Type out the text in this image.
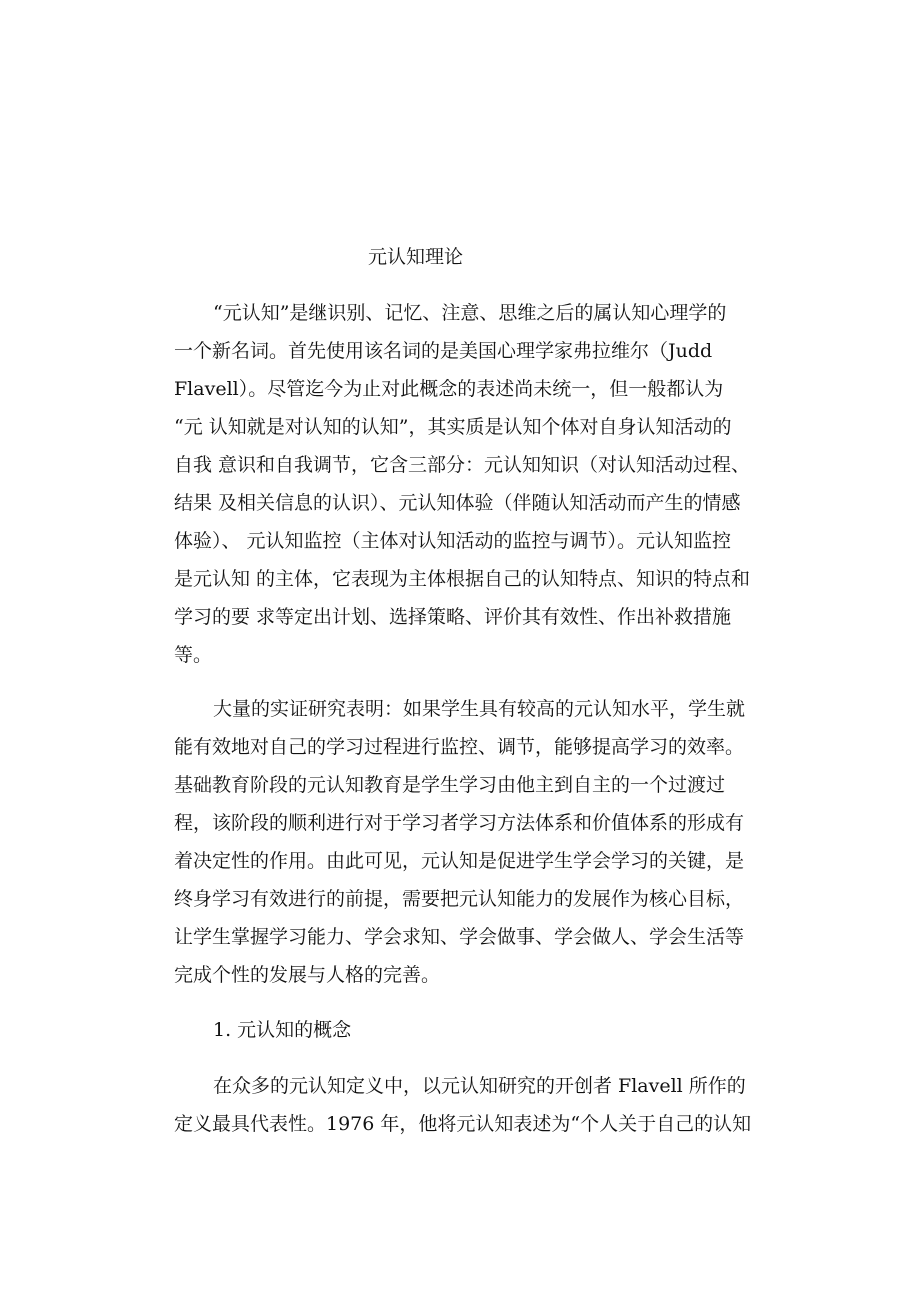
元认知理论
“元认知”是继识别、记忆、注意、思维之后的属认知心理学的
一个新名词。首先使用该名词的是美国心理学家弗拉维尔（Judd
Flavell）。尽管迄今为止对此概念的表述尚未统一，但一般都认为
“元 认知就是对认知的认知”，其实质是认知个体对自身认知活动的
自我 意识和自我调节，它含三部分：元认知知识（对认知活动过程、
结果 及相关信息的认识）、元认知体验（伴随认知活动而产生的情感
体验）、 元认知监控（主体对认知活动的监控与调节）。元认知监控
是元认知 的主体，它表现为主体根据自己的认知特点、知识的特点和
学习的要 求等定出计划、选择策略、评价其有效性、作出补救措施
等。
大量的实证研究表明：如果学生具有较高的元认知水平，学生就
能有效地对自己的学习过程进行监控、调节，能够提高学习的效率。
基础教育阶段的元认知教育是学生学习由他主到自主的一个过渡过
程，该阶段的顺利进行对于学习者学习方法体系和价值体系的形成有
着决定性的作用。由此可见，元认知是促进学生学会学习的关键，是
终身学习有效进行的前提，需要把元认知能力的发展作为核心目标，
让学生掌握学习能力、学会求知、学会做事、学会做人、学会生活等
完成个性的发展与人格的完善。
1. 元认知的概念
在众多的元认知定义中，以元认知研究的开创者 Flavell 所作的
定义最具代表性。1976 年，他将元认知表述为“个人关于自己的认知
